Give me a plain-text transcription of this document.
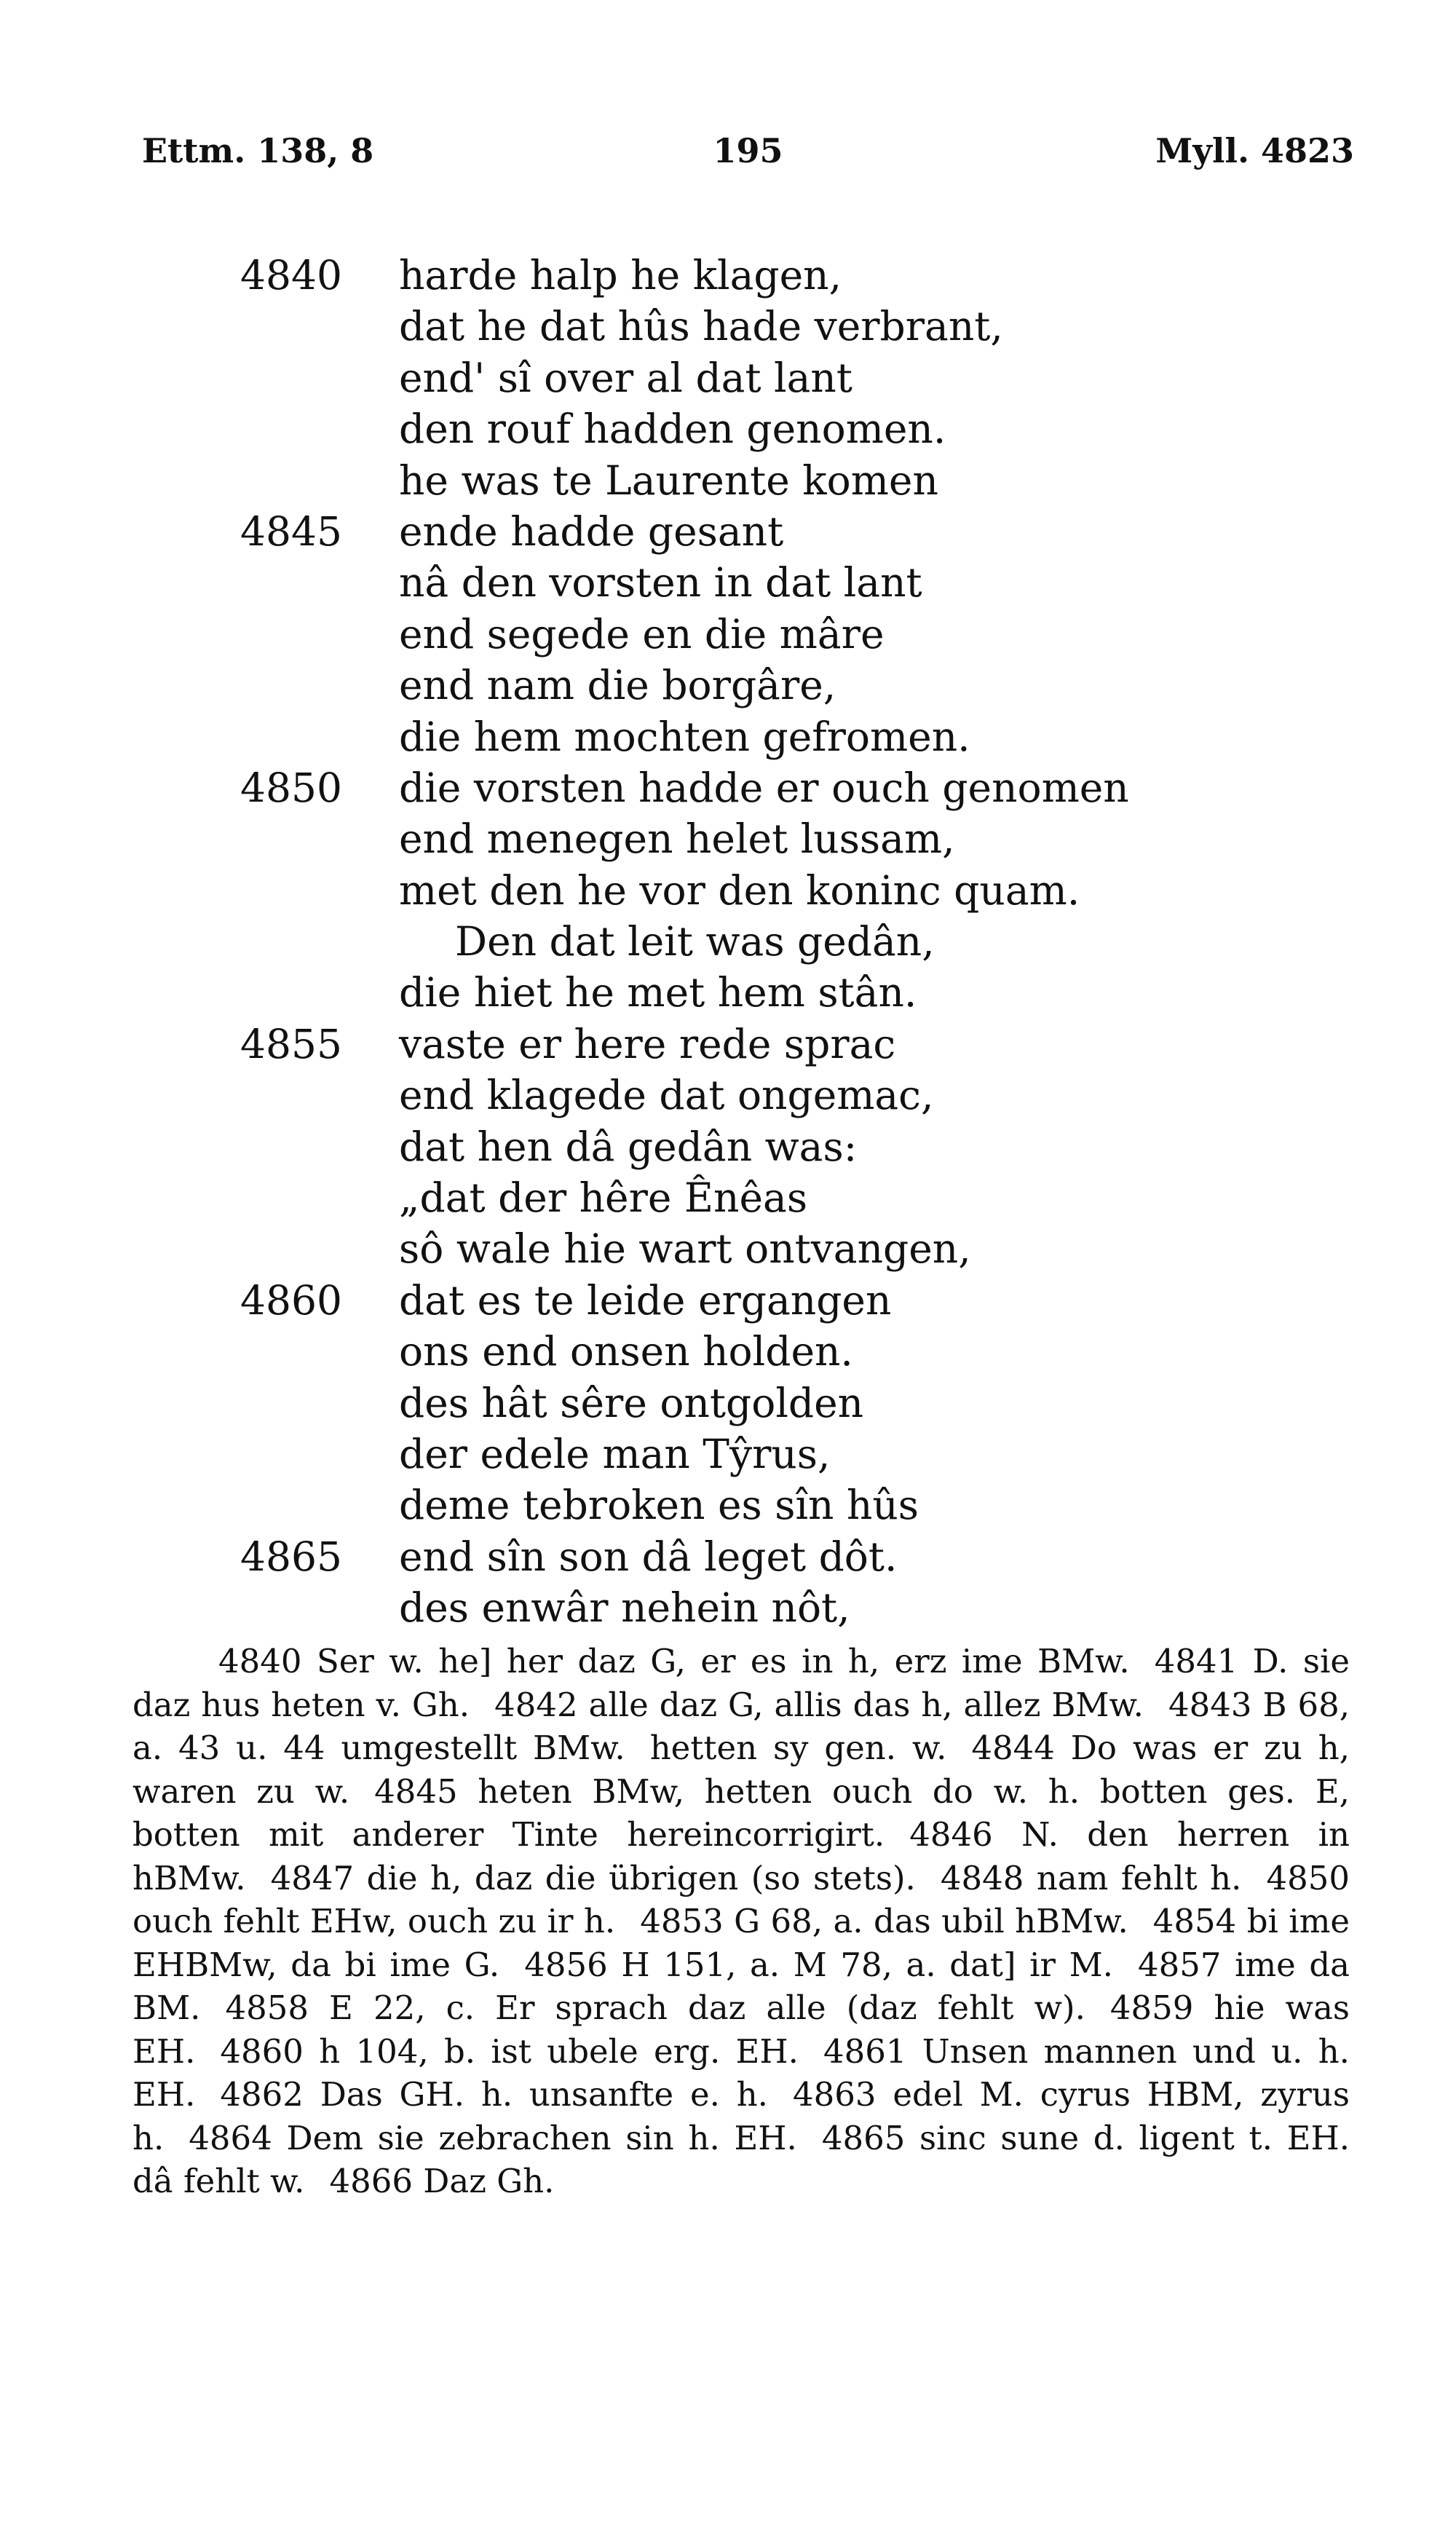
Ettm. 138, 8	195	Myll. 4823
4840	harde halp he klagen,
dat he dat hûs hade verbrant,
end' sî over al dat lant
den rouf hadden genomen.
he was te Laurente komen
4845	ende hadde gesant
nâ den vorsten in dat lant
end segede en die mâre
end nam die borgâre,
die hem mochten gefromen.
4850	die vorsten hadde er ouch genomen
end menegen helet lussam,
met den he vor den koninc quam.
Den dat leit was gedân,
die hiet he met hem stân.
4855	vaste er here rede sprac
end klagede dat ongemac,
dat hen dâ gedân was:
„dat der hêre Ênêas
sô wale hie wart ontvangen,
4860	dat es te leide ergangen
ons end onsen holden.
des hât sêre ontgolden
der edele man Tŷrus,
deme tebroken es sîn hûs
4865	end sîn son dâ leget dôt.
des enwâr nehein nôt,

4840 Ser w. he] her daz G, er es in h, erz ime BMw. 4841 D. sie daz hus heten v. Gh. 4842 alle daz G, allis das h, allez BMw. 4843 B 68, a. 43 u. 44 umgestellt BMw. hetten sy gen. w. 4844 Do was er zu h, waren zu w. 4845 heten BMw, hetten ouch do w. h. botten ges. E, botten mit anderer Tinte hereincorrigirt. 4846 N. den herren in hBMw. 4847 die h, daz die übrigen (so stets). 4848 nam fehlt h. 4850 ouch fehlt EHw, ouch zu ir h. 4853 G 68, a. das ubil hBMw. 4854 bi ime EHBMw, da bi ime G. 4856 H 151, a. M 78, a. dat] ir M. 4857 ime da BM. 4858 E 22, c. Er sprach daz alle (daz fehlt w). 4859 hie was EH. 4860 h 104, b. ist ubele erg. EH. 4861 Unsen mannen und u. h. EH. 4862 Das GH. h. unsanfte e. h. 4863 edel M. cyrus HBM, zyrus h. 4864 Dem sie zebrachen sin h. EH. 4865 sinc sune d. ligent t. EH. dâ fehlt w. 4866 Daz Gh.
